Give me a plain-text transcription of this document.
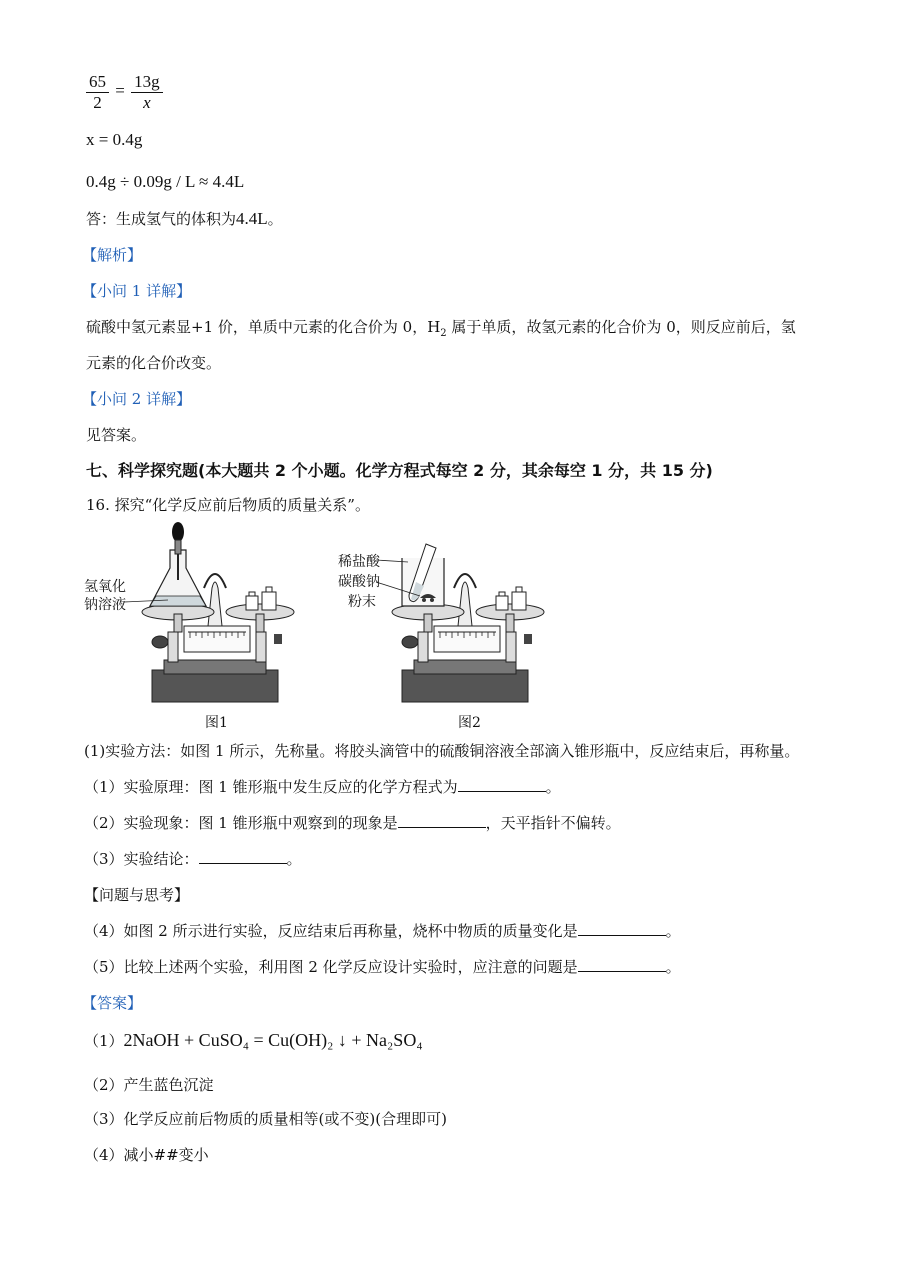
$\frac{65}{2} = \frac{13g}{x}$
x = 0.4g
0.4g ÷ 0.09g / L ≈ 4.4L
答：生成氢气的体积为4.4L。
【解析】
【小问 1 详解】
硫酸中氢元素显+1 价，单质中元素的化合价为 0，$H_2$ 属于单质，故氢元素的化合价为 0，则反应前后，氢
元素的化合价改变。
【小问 2 详解】
见答案。
七、科学探究题(本大题共 2 个小题。化学方程式每空 2 分，其余每空 1 分，共 15 分)
16. 探究“化学反应前后物质的质量关系”。
氢氧化
钠溶液
图1
稀盐酸
碳酸钠
粉末
图2
(1)实验方法：如图 1 所示，先称量。将胶头滴管中的硫酸铜溶液全部滴入锥形瓶中，反应结束后，再称量。
（1）实验原理：图 1 锥形瓶中发生反应的化学方程式为	。
（2）实验现象：图 1 锥形瓶中观察到的现象是	，天平指针不偏转。
（3）实验结论：	。
【问题与思考】
（4）如图 2 所示进行实验，反应结束后再称量，烧杯中物质的质量变化是	。
（5）比较上述两个实验，利用图 2 化学反应设计实验时，应注意的问题是	。
【答案】
（1）2NaOH + CuSO₄ = Cu(OH)₂ ↓ + Na₂SO₄
（2）产生蓝色沉淀
（3）化学反应前后物质的质量相等(或不变)(合理即可)
（4）减小##变小
